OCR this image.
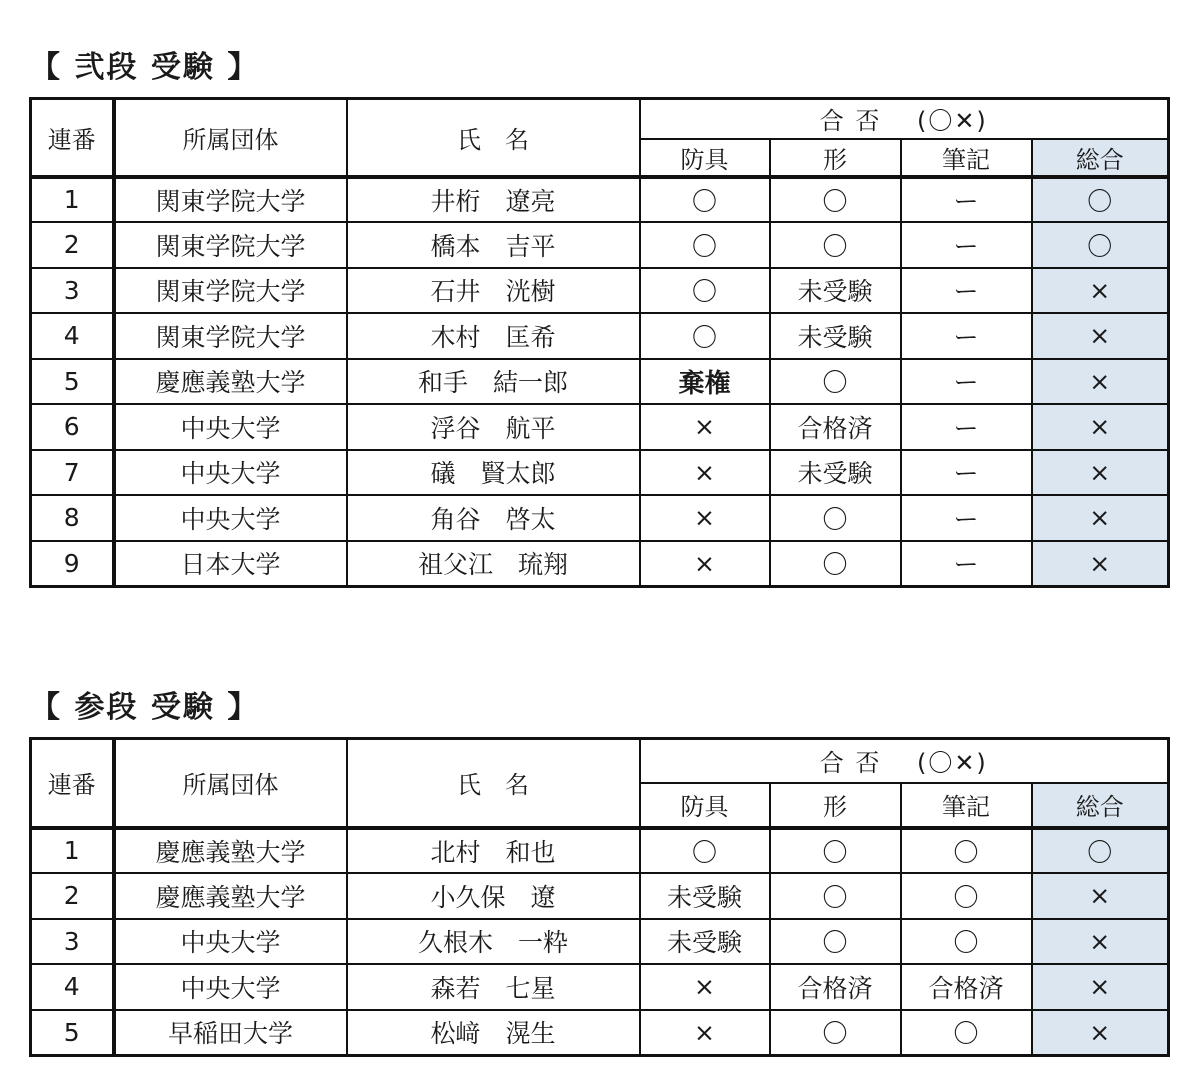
【 弐段 受験 】
連番	所属団体	氏　名	合 否　 (〇✕)			
			防具	形	筆記	総合
1	関東学院大学	井桁　遼亮	〇	〇	ー	〇
2	関東学院大学	橋本　吉平	〇	〇	ー	〇
3	関東学院大学	石井　洸樹	〇	未受験	ー	×
4	関東学院大学	木村　匡希	〇	未受験	ー	×
5	慶應義塾大学	和手　結一郎	棄権	〇	ー	×
6	中央大学	浮谷　航平	×	合格済	ー	×
7	中央大学	礒　賢太郎	×	未受験	ー	×
8	中央大学	角谷　啓太	×	〇	ー	×
9	日本大学	祖父江　琉翔	×	〇	ー	×
【 参段 受験 】
連番	所属団体	氏　名	合 否　 (〇✕)			
			防具	形	筆記	総合
1	慶應義塾大学	北村　和也	〇	〇	〇	〇
2	慶應義塾大学	小久保　遼	未受験	〇	〇	×
3	中央大学	久根木　一粋	未受験	〇	〇	×
4	中央大学	森若　七星	×	合格済	合格済	×
5	早稲田大学	松﨑　滉生	×	〇	〇	×
